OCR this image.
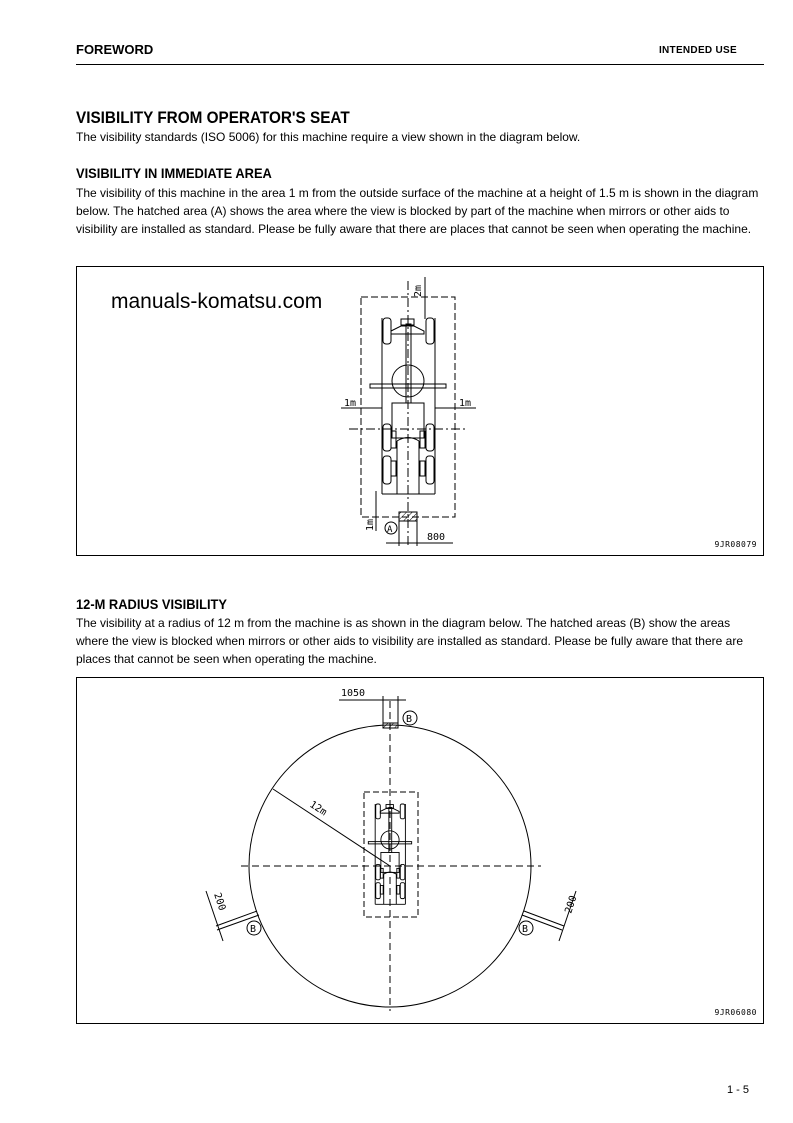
FOREWORD	INTENDED USE
VISIBILITY FROM OPERATOR'S SEAT
The visibility standards (ISO 5006) for this machine require a view shown in the diagram below.
VISIBILITY IN IMMEDIATE AREA
The visibility of this machine in the area 1 m from the outside surface of the machine at a height of 1.5 m is shown in the diagram below. The hatched area (A) shows the area where the view is blocked by part of the machine when mirrors or other aids to visibility are installed as standard. Please be fully aware that there are places that cannot be seen when operating the machine.
2m
1m	1m
1m
800
A
manuals-komatsu.com
9JR08079
12-M RADIUS VISIBILITY
The visibility at a radius of 12 m from the machine is as shown in the diagram below. The hatched areas (B) show the areas where the view is blocked when mirrors or other aids to visibility are installed as standard. Please be fully aware that there are places that cannot be seen when operating the machine.
1050
12m
200	200
B
B	B
9JR06080
1 - 5
